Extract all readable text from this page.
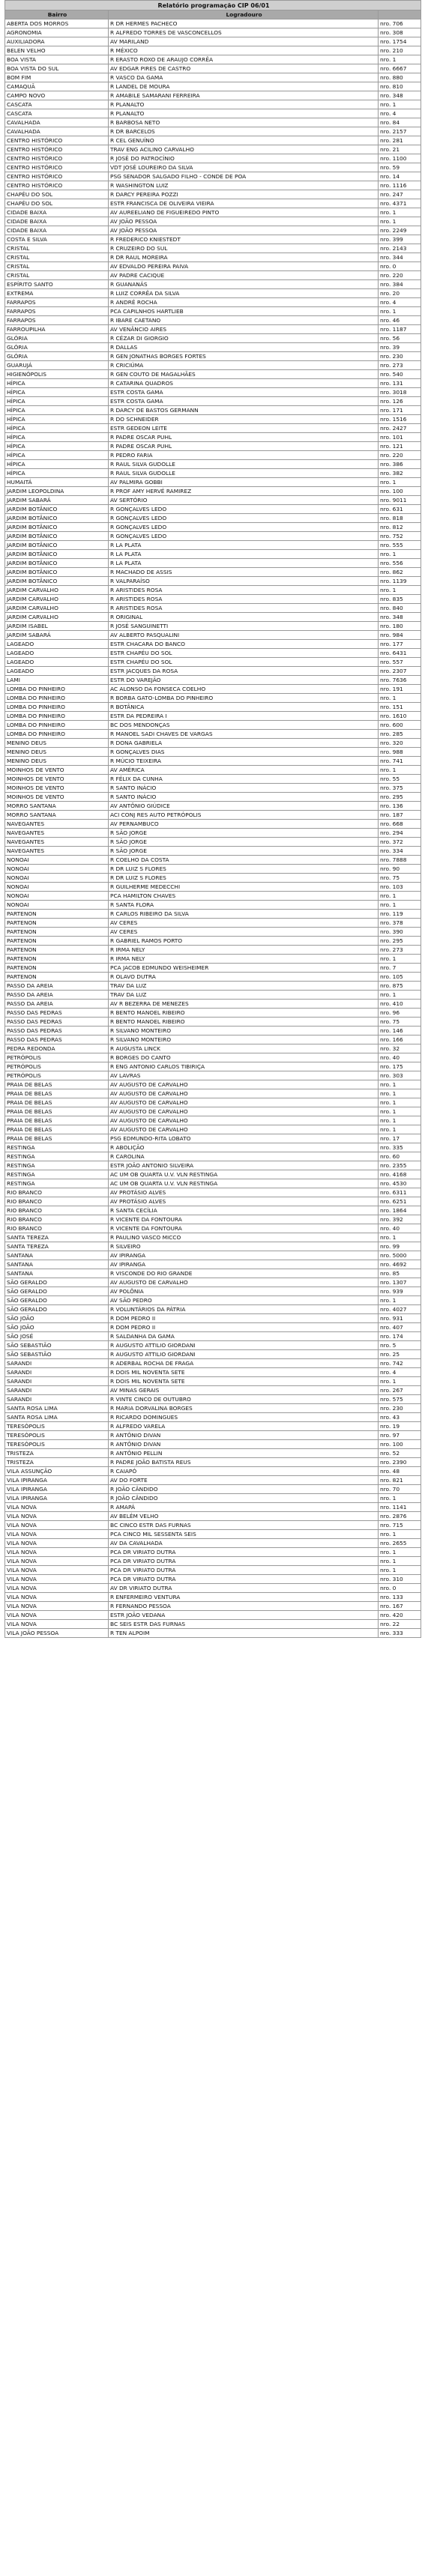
Relatório programação CIP 06/01		
Bairro	Logradouro	
ABERTA DOS MORROS	R DR HERMES PACHECO	nro. 706
AGRONOMIA	R ALFREDO TORRES DE VASCONCELLOS	nro. 308
AUXILIADORA	AV MARILAND	nro. 1754
BELEN VELHO	R MÉXICO	nro. 210
BOA VISTA	R ERASTO ROXO DE ARAUJO CORRÊA	nro. 1
BOA VISTA DO SUL	AV EDGAR PIRES DE CASTRO	nro. 6667
BOM FIM	R VASCO DA GAMA	nro. 880
CAMAQUÃ	R LANDEL DE MOURA	nro. 810
CAMPO NOVO	R AMABILE SAMARANI FERREIRA	nro. 348
CASCATA	R PLANALTO	nro. 1
CASCATA	R PLANALTO	nro. 4
CAVALHADA	R BARBOSA NETO	nro. 84
CAVALHADA	R DR BARCELOS	nro. 2157
CENTRO HISTÓRICO	R CEL GENUÍNO	nro. 281
CENTRO HISTÓRICO	TRAV ENG ACILINO CARVALHO	nro. 21
CENTRO HISTÓRICO	R JOSÉ DO PATROCÍNIO	nro. 1100
CENTRO HISTÓRICO	VDT JOSÉ LOUREIRO DA SILVA	nro. 59
CENTRO HISTÓRICO	PSG SENADOR SALGADO FILHO - CONDE DE POA	nro. 14
CENTRO HISTÓRICO	R WASHINGTON LUIZ	nro. 1116
CHAPÉU DO SOL	R DARCY PEREIRA POZZI	nro. 247
CHAPÉU DO SOL	ESTR FRANCISCA DE OLIVEIRA VIEIRA	nro. 4371
CIDADE BAIXA	AV AUREELIANO DE FIGUEIREDO PINTO	nro. 1
CIDADE BAIXA	AV JOÃO PESSOA	nro. 1
CIDADE BAIXA	AV JOÃO PESSOA	nro. 2249
COSTA E SILVA	R FREDERICO KNIESTEDT	nro. 399
CRISTAL	R CRUZEIRO DO SUL	nro. 2143
CRISTAL	R DR RAUL MOREIRA	nro. 344
CRISTAL	AV EDVALDO PEREIRA PAIVA	nro. 0
CRISTAL	AV PADRE CACIQUE	nro. 220
ESPÍRITO SANTO	R GUANANÁS	nro. 384
EXTREMA	R LUIZ CORRÊA DA SILVA	nro. 20
FARRAPOS	R ANDRÉ ROCHA	nro. 4
FARRAPOS	PCA CAPILNHOS HARTLIEB	nro. 1
FARRAPOS	R IBARE CAETANO	nro. 46
FARROUPILHA	AV VENÂNCIO AIRES	nro. 1187
GLÓRIA	R CÉZAR DI GIORGIO	nro. 56
GLÓRIA	R DALLAS	nro. 39
GLÓRIA	R GEN JONATHAS BORGES FORTES	nro. 230
GUARUJÁ	R CRICIÚMA	nro. 273
HIGIENÓPOLIS	R GEN COUTO DE MAGALHÃES	nro. 540
HÍPICA	R CATARINA QUADROS	nro. 131
HÍPICA	ESTR COSTA GAMA	nro. 3018
HÍPICA	ESTR COSTA GAMA	nro. 126
HÍPICA	R DARCY DE BASTOS GERMANN	nro. 171
HÍPICA	R DO SCHNEIDER	nro. 1516
HÍPICA	ESTR GEDEON LEITE	nro. 2427
HÍPICA	R PADRE OSCAR PUHL	nro. 101
HÍPICA	R PADRE OSCAR PUHL	nro. 121
HÍPICA	R PEDRO FARIA	nro. 220
HÍPICA	R RAUL SILVA GUDOLLE	nro. 386
HÍPICA	R RAUL SILVA GUDOLLE	nro. 382
HUMAITÁ	AV PALMIRA GOBBI	nro. 1
JARDIM LEOPOLDINA	R PROF AMY HERVÉ RAMIREZ	nro. 100
JARDIM SABARÁ	AV SERTÓRIO	nro. 9011
JARDIM BOTÂNICO	R GONÇALVES LEDO	nro. 631
JARDIM BOTÂNICO	R GONÇALVES LEDO	nro. 818
JARDIM BOTÂNICO	R GONÇALVES LEDO	nro. 812
JARDIM BOTÂNICO	R GONÇALVES LEDO	nro. 752
JARDIM BOTÂNICO	R LA PLATA	nro. 555
JARDIM BOTÂNICO	R LA PLATA	nro. 1
JARDIM BOTÂNICO	R LA PLATA	nro. 556
JARDIM BOTÂNICO	R MACHADO DE ASSIS	nro. 862
JARDIM BOTÂNICO	R VALPARAÍSO	nro. 1139
JARDIM CARVALHO	R ARISTIDES ROSA	nro. 1
JARDIM CARVALHO	R ARISTIDES ROSA	nro. 835
JARDIM CARVALHO	R ARISTIDES ROSA	nro. 840
JARDIM CARVALHO	R ORIGINAL	nro. 348
JARDIM ISABEL	R JOSÉ SANGUINETTI	nro. 180
JARDIM SABARÁ	AV ALBERTO PASQUALINI	nro. 984
LAGEADO	ESTR CHACARA DO BANCO	nro. 177
LAGEADO	ESTR CHAPÉU DO SOL	nro. 6431
LAGEADO	ESTR CHAPÉU DO SOL	nro. 557
LAGEADO	ESTR JACQUES DA ROSA	nro. 2307
LAMI	ESTR DO VAREJÃO	nro. 7636
LOMBA DO PINHEIRO	AC ALONSO DA FONSECA COELHO	nro. 191
LOMBA DO PINHEIRO	R BORBA GATO-LOMBA DO PINHEIRO	nro. 1
LOMBA DO PINHEIRO	R BOTÂNICA	nro. 151
LOMBA DO PINHEIRO	ESTR DA PEDREIRA I	nro. 1610
LOMBA DO PINHEIRO	BC DOS MENDONÇAS	nro. 600
LOMBA DO PINHEIRO	R MANOEL SADI CHAVES DE VARGAS	nro. 285
MENINO DEUS	R DONA GABRIELA	nro. 320
MENINO DEUS	R GONÇALVES DIAS	nro. 988
MENINO DEUS	R MÚCIO TEIXEIRA	nro. 741
MOINHOS DE VENTO	AV AMÉRICA	nro. 1
MOINHOS DE VENTO	R FÉLIX DA CUNHA	nro. 55
MOINHOS DE VENTO	R SANTO INÁCIO	nro. 375
MOINHOS DE VENTO	R SANTO INÁCIO	nro. 295
MORRO SANTANA	AV ANTÔNIO GIÚDICE	nro. 136
MORRO SANTANA	ACI CONJ RES AUTO PETRÓPOLIS	nro. 187
NAVEGANTES	AV PERNAMBUCO	nro. 668
NAVEGANTES	R SÃO JORGE	nro. 294
NAVEGANTES	R SÃO JORGE	nro. 372
NAVEGANTES	R SÃO JORGE	nro. 334
NONOAI	R COELHO DA COSTA	nro. 7888
NONOAI	R DR LUIZ S FLORES	nro. 90
NONOAI	R DR LUIZ S FLORES	nro. 75
NONOAI	R GUILHERME MEDECCHI	nro. 103
NONOAI	PCA HAMILTON CHAVES	nro. 1
NONOAI	R SANTA FLORA	nro. 1
PARTENON	R CARLOS RIBEIRO DA SILVA	nro. 119
PARTENON	AV CERES	nro. 378
PARTENON	AV CERES	nro. 390
PARTENON	R GABRIEL RAMOS PORTO	nro. 295
PARTENON	R IRMA NELY	nro. 273
PARTENON	R IRMA NELY	nro. 1
PARTENON	PCA JACOB EDMUNDO WEISHEIMER	nro. 7
PARTENON	R OLAVO DUTRA	nro. 105
PASSO DA AREIA	TRAV DA LUZ	nro. 875
PASSO DA AREIA	TRAV DA LUZ	nro. 1
PASSO DA AREIA	AV R BEZERRA DE MENEZES	nro. 410
PASSO DAS PEDRAS	R BENTO MANOEL RIBEIRO	nro. 96
PASSO DAS PEDRAS	R BENTO MANOEL RIBEIRO	nro. 75
PASSO DAS PEDRAS	R SILVANO MONTEIRO	nro. 146
PASSO DAS PEDRAS	R SILVANO MONTEIRO	nro. 166
PEDRA REDONDA	R AUGUSTA LINCK	nro. 32
PETRÓPOLIS	R BORGES DO CANTO	nro. 40
PETRÓPOLIS	R ENG ANTONIO CARLOS TIBIRIÇA	nro. 175
PETRÓPOLIS	AV LAVRAS	nro. 303
PRAIA DE BELAS	AV AUGUSTO DE CARVALHO	nro. 1
PRAIA DE BELAS	AV AUGUSTO DE CARVALHO	nro. 1
PRAIA DE BELAS	AV AUGUSTO DE CARVALHO	nro. 1
PRAIA DE BELAS	AV AUGUSTO DE CARVALHO	nro. 1
PRAIA DE BELAS	AV AUGUSTO DE CARVALHO	nro. 1
PRAIA DE BELAS	AV AUGUSTO DE CARVALHO	nro. 1
PRAIA DE BELAS	PSG EDMUNDO-RITA LOBATO	nro. 17
RESTINGA	R ABOLIÇÃO	nro. 335
RESTINGA	R CAROLINA	nro. 60
RESTINGA	ESTR JOÃO ANTONIO SILVEIRA	nro. 2355
RESTINGA	AC UM OB QUARTA U.V. VLN RESTINGA	nro. 4168
RESTINGA	AC UM OB QUARTA U.V. VLN RESTINGA	nro. 4530
RIO BRANCO	AV PROTÁSIO ALVES	nro. 6311
RIO BRANCO	AV PROTÁSIO ALVES	nro. 6251
RIO BRANCO	R SANTA CECÍLIA	nro. 1864
RIO BRANCO	R VICENTE DA FONTOURA	nro. 392
RIO BRANCO	R VICENTE DA FONTOURA	nro. 40
SANTA TEREZA	R PAULINO VASCO MICCO	nro. 1
SANTA TEREZA	R SILVEIRO	nro. 99
SANTANA	AV IPIRANGA	nro. 5000
SANTANA	AV IPIRANGA	nro. 4692
SANTANA	R VISCONDE DO RIO GRANDE	nro. 85
SÃO GERALDO	AV AUGUSTO DE CARVALHO	nro. 1307
SÃO GERALDO	AV POLÔNIA	nro. 939
SÃO GERALDO	AV SÃO PEDRO	nro. 1
SÃO GERALDO	R VOLUNTÁRIOS DA PÁTRIA	nro. 4027
SÃO JOÃO	R DOM PEDRO II	nro. 931
SÃO JOÃO	R DOM PEDRO II	nro. 407
SÃO JOSÉ	R SALDANHA DA GAMA	nro. 174
SÃO SEBASTIÃO	R AUGUSTO ATTILIO GIORDANI	nro. 5
SÃO SEBASTIÃO	R AUGUSTO ATTILIO GIORDANI	nro. 25
SARANDI	R ADERBAL ROCHA DE FRAGA	nro. 742
SARANDI	R DOIS MIL NOVENTA SETE	nro. 4
SARANDI	R DOIS MIL NOVENTA SETE	nro. 1
SARANDI	AV MINAS GERAIS	nro. 267
SARANDI	R VINTE CINCO DE OUTUBRO	nro. 575
SANTA ROSA LIMA	R MARIA DORVALINA BORGES	nro. 230
SANTA ROSA LIMA	R RICARDO DOMINGUES	nro. 43
TERESÓPOLIS	R ALFREDO VARELA	nro. 19
TERESÓPOLIS	R ANTÔNIO DIVAN	nro. 97
TERESÓPOLIS	R ANTÔNIO DIVAN	nro. 100
TRISTEZA	R ANTÔNIO PELLIN	nro. 52
TRISTEZA	R PADRE JOÃO BATISTA REUS	nro. 2390
VILA ASSUNÇÃO	R CAIAPÓ	nro. 48
VILA IPIRANGA	AV DO FORTE	nro. 821
VILA IPIRANGA	R JOÃO CÂNDIDO	nro. 70
VILA IPIRANGA	R JOÃO CÂNDIDO	nro. 1
VILA NOVA	R AMAPÁ	nro. 1141
VILA NOVA	AV BELÉM VELHO	nro. 2876
VILA NOVA	BC CINCO ESTR DAS FURNAS	nro. 715
VILA NOVA	PCA CINCO MIL SESSENTA SEIS	nro. 1
VILA NOVA	AV DA CAVALHADA	nro. 2655
VILA NOVA	PCA DR VIRIATO DUTRA	nro. 1
VILA NOVA	PCA DR VIRIATO DUTRA	nro. 1
VILA NOVA	PCA DR VIRIATO DUTRA	nro. 1
VILA NOVA	PCA DR VIRIATO DUTRA	nro. 310
VILA NOVA	AV DR VIRIATO DUTRA	nro. 0
VILA NOVA	R ENFERMEIRO VENTURA	nro. 133
VILA NOVA	R FERNANDO PESSOA	nro. 167
VILA NOVA	ESTR JOÃO VEDANA	nro. 420
VILA NOVA	BC SEIS ESTR DAS FURNAS	nro. 22
VILA JOÃO PESSOA	R TEN ALPOIM	nro. 333
